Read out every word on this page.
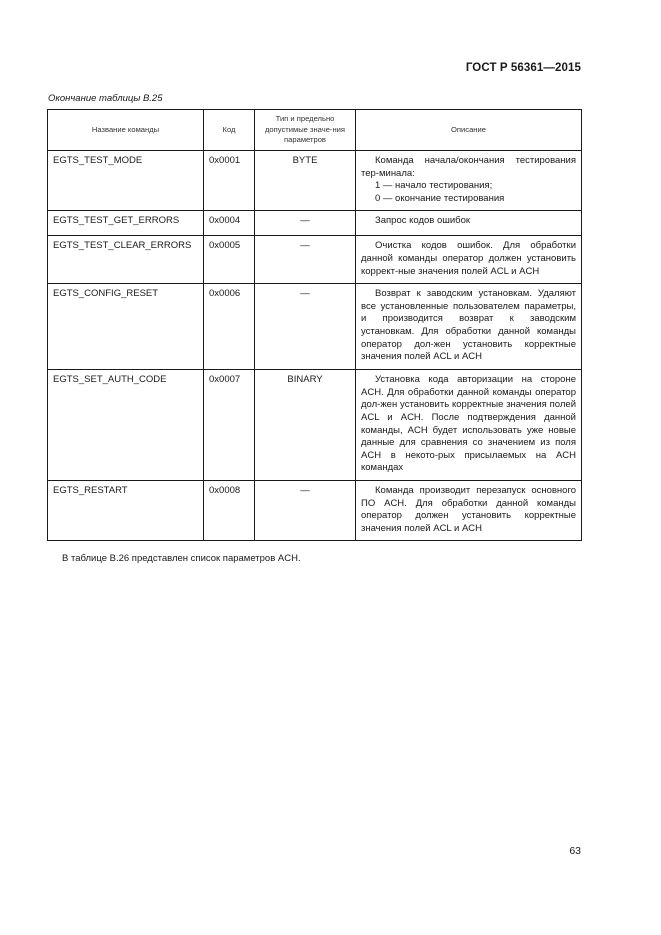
ГОСТ Р 56361—2015
Окончание таблицы В.25
Название команды	Код	Тип и предельно допустимые значе-ния параметров	Описание
EGTS_TEST_MODE	0x0001	BYTE	Команда начала/окончания тестирования тер-минала:

1 — начало тестирования;

0 — окончание тестирования

EGTS_TEST_GET_ERRORS	0x0004	—	Запрос кодов ошибок

EGTS_TEST_CLEAR_ERRORS	0x0005	—	Очистка кодов ошибок. Для обработки данной команды оператор должен установить коррект-ные значения полей ACL и ACH

EGTS_CONFIG_RESET	0x0006	—	Возврат к заводским установкам. Удаляют все установленные пользователем параметры, и производится возврат к заводским установкам. Для обработки данной команды оператор дол-жен установить корректные значения полей ACL и ACH

EGTS_SET_AUTH_CODE	0x0007	BINARY	Установка кода авторизации на стороне ACH. Для обработки данной команды оператор дол-жен установить корректные значения полей ACL и ACH. После подтверждения данной команды, ACH будет использовать уже новые данные для сравнения со значением из поля ACH в некото-рых присылаемых на ACH командах

EGTS_RESTART	0x0008	—	Команда производит перезапуск основного ПО ACH. Для обработки данной команды оператор должен установить корректные значения полей ACL и ACH

В таблице В.26 представлен список параметров ACH.
63
